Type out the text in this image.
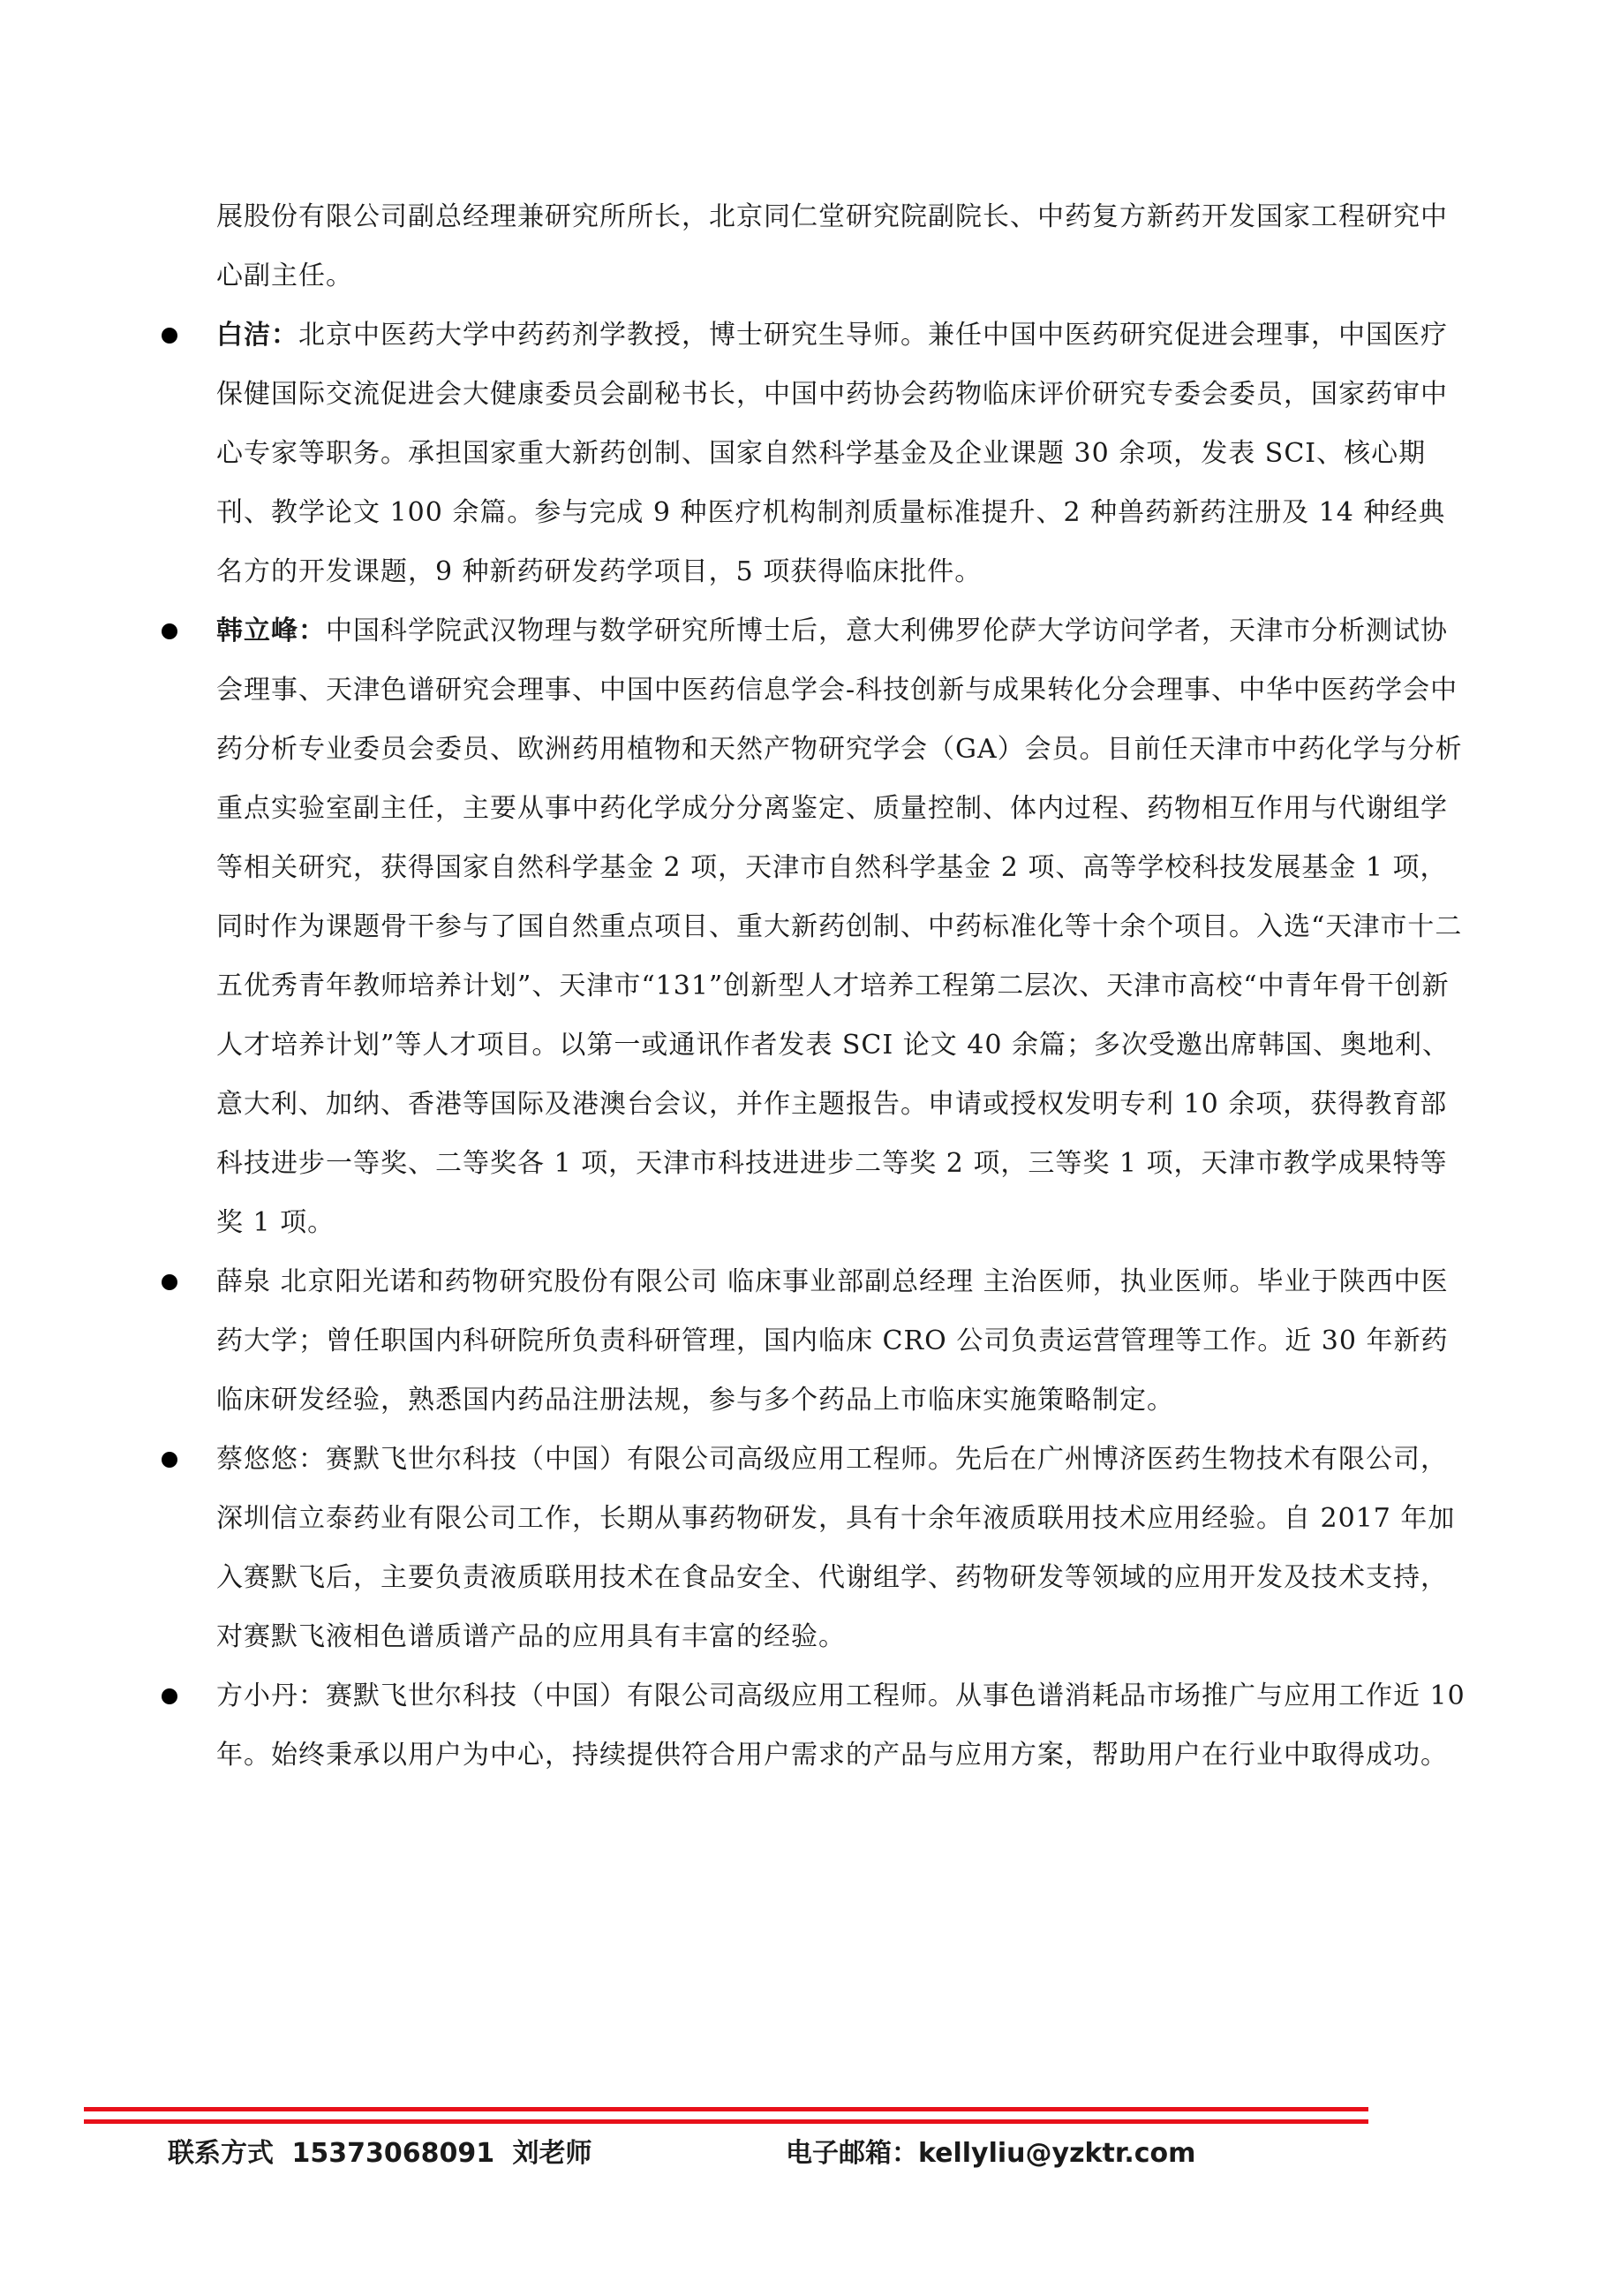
展股份有限公司副总经理兼研究所所长，北京同仁堂研究院副院长、中药复方新药开发国家工程研究中心副主任。
白洁：北京中医药大学中药药剂学教授，博士研究生导师。兼任中国中医药研究促进会理事，中国医疗保健国际交流促进会大健康委员会副秘书长，中国中药协会药物临床评价研究专委会委员，国家药审中心专家等职务。承担国家重大新药创制、国家自然科学基金及企业课题 30 余项，发表 SCI、核心期刊、教学论文 100 余篇。参与完成 9 种医疗机构制剂质量标准提升、2 种兽药新药注册及 14 种经典名方的开发课题，9 种新药研发药学项目，5 项获得临床批件。
韩立峰：中国科学院武汉物理与数学研究所博士后，意大利佛罗伦萨大学访问学者，天津市分析测试协会理事、天津色谱研究会理事、中国中医药信息学会-科技创新与成果转化分会理事、中华中医药学会中药分析专业委员会委员、欧洲药用植物和天然产物研究学会（GA）会员。目前任天津市中药化学与分析重点实验室副主任，主要从事中药化学成分分离鉴定、质量控制、体内过程、药物相互作用与代谢组学等相关研究，获得国家自然科学基金 2 项，天津市自然科学基金 2 项、高等学校科技发展基金 1 项，同时作为课题骨干参与了国自然重点项目、重大新药创制、中药标准化等十余个项目。入选“天津市十二五优秀青年教师培养计划”、天津市“131”创新型人才培养工程第二层次、天津市高校“中青年骨干创新人才培养计划”等人才项目。以第一或通讯作者发表 SCI 论文 40 余篇；多次受邀出席韩国、奥地利、意大利、加纳、香港等国际及港澳台会议，并作主题报告。申请或授权发明专利 10 余项，获得教育部科技进步一等奖、二等奖各 1 项，天津市科技进进步二等奖 2 项，三等奖 1 项，天津市教学成果特等奖 1 项。
薛泉 北京阳光诺和药物研究股份有限公司 临床事业部副总经理 主治医师，执业医师。毕业于陕西中医药大学；曾任职国内科研院所负责科研管理，国内临床 CRO 公司负责运营管理等工作。近 30 年新药临床研发经验，熟悉国内药品注册法规，参与多个药品上市临床实施策略制定。
蔡悠悠：赛默飞世尔科技（中国）有限公司高级应用工程师。先后在广州博济医药生物技术有限公司，深圳信立泰药业有限公司工作，长期从事药物研发，具有十余年液质联用技术应用经验。自 2017 年加入赛默飞后，主要负责液质联用技术在食品安全、代谢组学、药物研发等领域的应用开发及技术支持，对赛默飞液相色谱质谱产品的应用具有丰富的经验。
方小丹：赛默飞世尔科技（中国）有限公司高级应用工程师。从事色谱消耗品市场推广与应用工作近 10 年。始终秉承以用户为中心，持续提供符合用户需求的产品与应用方案，帮助用户在行业中取得成功。
联系方式 15373068091 刘老师	电子邮箱：kellyliu@yzktr.com
